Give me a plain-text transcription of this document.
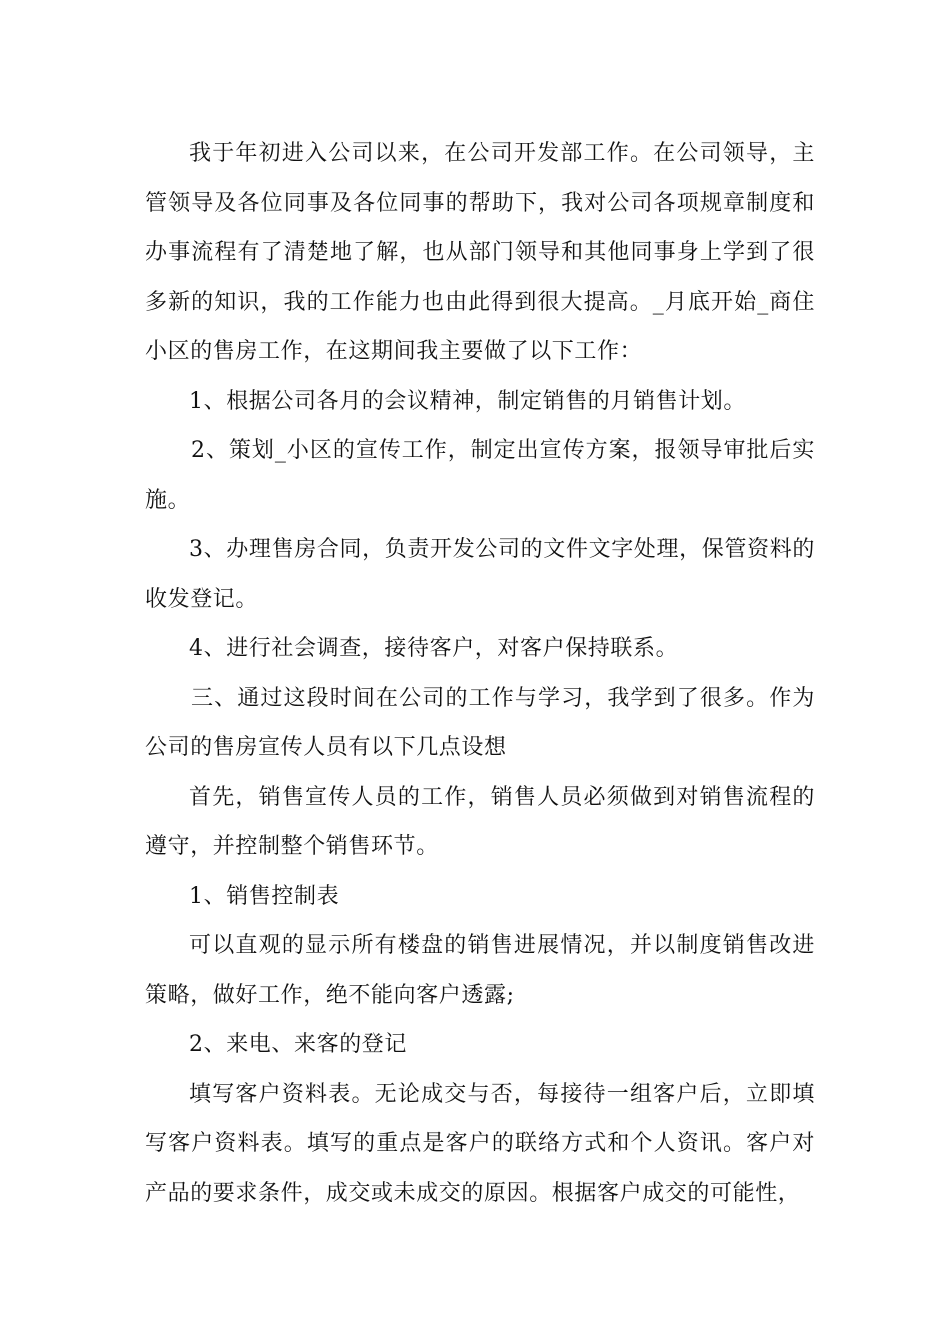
我于年初进入公司以来，在公司开发部工作。在公司领导，主管领导及各位同事及各位同事的帮助下，我对公司各项规章制度和办事流程有了清楚地了解，也从部门领导和其他同事身上学到了很多新的知识，我的工作能力也由此得到很大提高。_月底开始_商住小区的售房工作，在这期间我主要做了以下工作：

1、根据公司各月的会议精神，制定销售的月销售计划。

2、策划_小区的宣传工作，制定出宣传方案，报领导审批后实施。

3、办理售房合同，负责开发公司的文件文字处理，保管资料的收发登记。

4、进行社会调查，接待客户，对客户保持联系。

三、通过这段时间在公司的工作与学习，我学到了很多。作为公司的售房宣传人员有以下几点设想

首先，销售宣传人员的工作，销售人员必须做到对销售流程的遵守，并控制整个销售环节。

1、销售控制表

可以直观的显示所有楼盘的销售进展情况，并以制度销售改进策略，做好工作，绝不能向客户透露;

2、来电、来客的登记

填写客户资料表。无论成交与否，每接待一组客户后，立即填写客户资料表。填写的重点是客户的联络方式和个人资讯。客户对产品的要求条件，成交或未成交的原因。根据客户成交的可能性，
